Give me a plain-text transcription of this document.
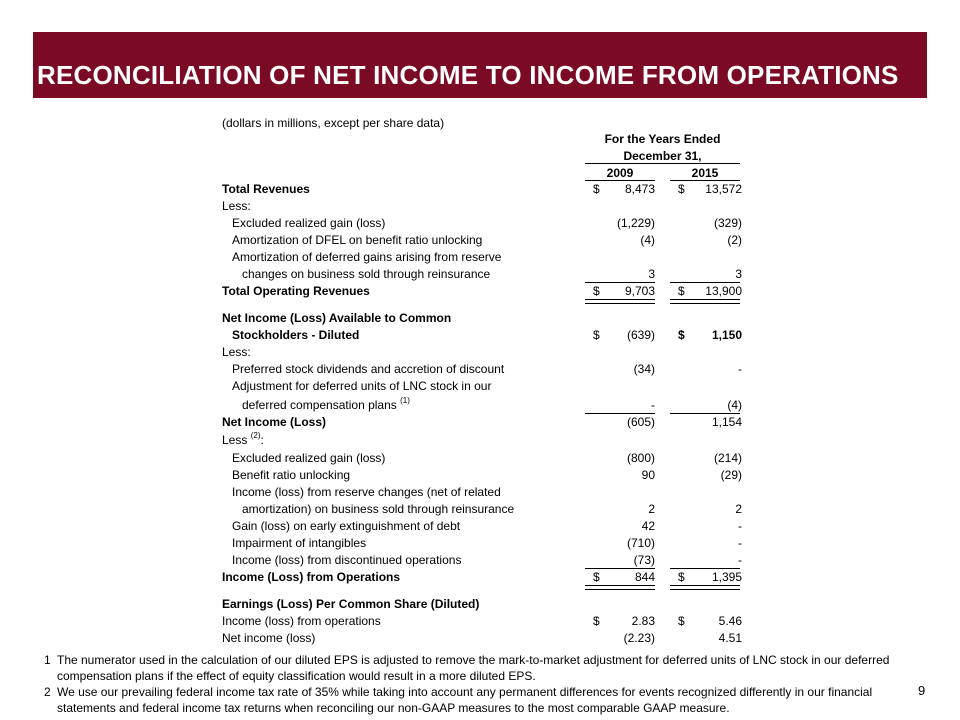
RECONCILIATION OF NET INCOME TO INCOME FROM OPERATIONS
(dollars in millions, except per share data)
For the Years Ended
December 31,
2009	2015
Total Revenues	$ 8,473 $ 13,572
Less:
Excluded realized gain (loss)	(1,229)	(329)
Amortization of DFEL on benefit ratio unlocking	(4)	(2)
Amortization of deferred gains arising from reserve
changes on business sold through reinsurance	3	3
Total Operating Revenues	$ 9,703 $ 13,900
Net Income (Loss) Available to Common
Stockholders - Diluted	$ (639) $ 1,150
Less:
Preferred stock dividends and accretion of discount	(34)	-
Adjustment for deferred units of LNC stock in our
deferred compensation plans $^{(1)}$	-	(4)
Net Income (Loss)	(605)	1,154
Less $^{(2)}$:
Excluded realized gain (loss)	(800)	(214)
Benefit ratio unlocking	90	(29)
Income (loss) from reserve changes (net of related
amortization) on business sold through reinsurance	2	2
Gain (loss) on early extinguishment of debt	42	-
Impairment of intangibles	(710)	-
Income (loss) from discontinued operations	(73)	-
Income (Loss) from Operations	$	844 $ 1,395
Earnings (Loss) Per Common Share (Diluted)
Income (loss) from operations	$	2.83 $	5.46
Net income (loss)	(2.23)	4.51
1 The numerator used in the calculation of our diluted EPS is adjusted to remove the mark-to-market adjustment for deferred units of LNC stock in our deferred compensation plans if the effect of equity classification would result in a more diluted EPS.
2 We use our prevailing federal income tax rate of 35% while taking into account any permanent differences for events recognized differently in our financial statements and federal income tax returns when reconciling our non-GAAP measures to the most comparable GAAP measure.
9
